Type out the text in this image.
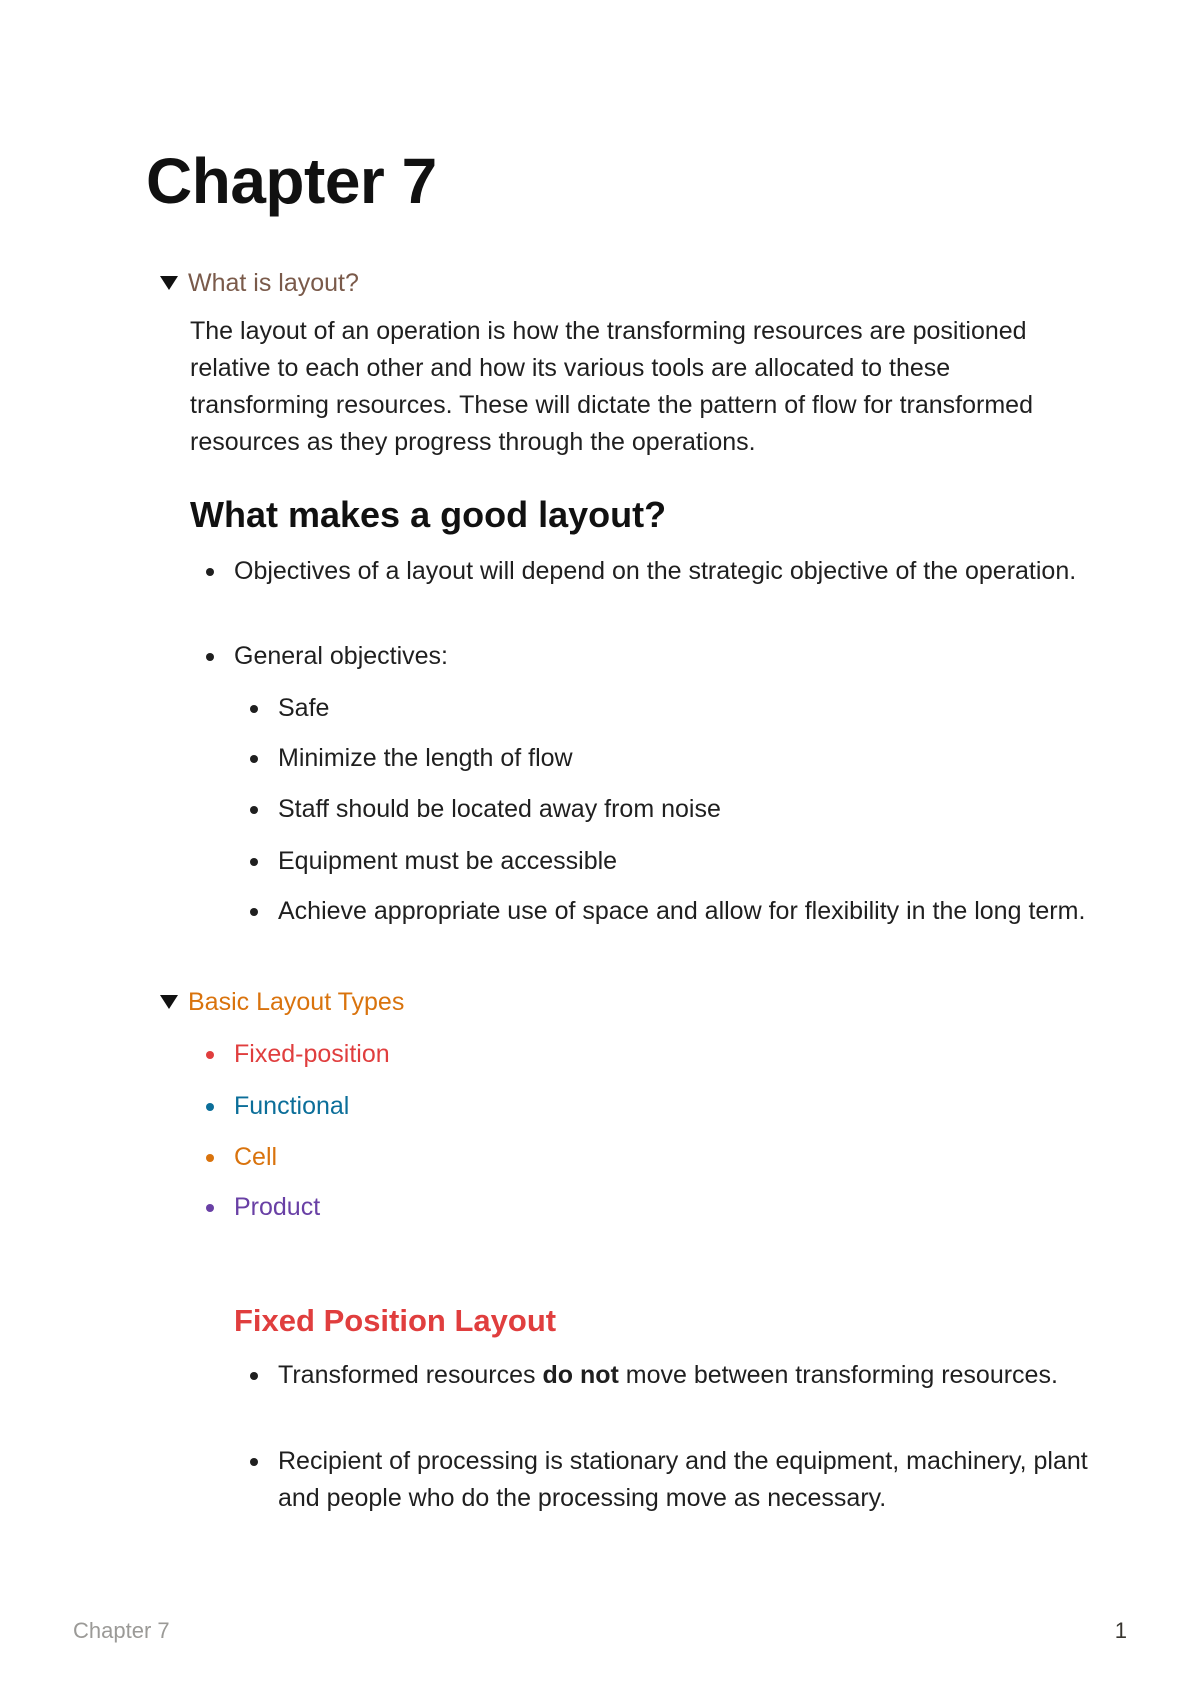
Chapter 7
What is layout?

The layout of an operation is how the transforming resources are positioned relative to each other and how its various tools are allocated to these transforming resources. These will dictate the pattern of flow for transformed resources as they progress through the operations.

What makes a good layout?

Objectives of a layout will depend on the strategic objective of the operation.

General objectives:

Safe

Minimize the length of flow

Staff should be located away from noise

Equipment must be accessible

Achieve appropriate use of space and allow for flexibility in the long term.

Basic Layout Types

Fixed-position

Functional

Cell

Product

Fixed Position Layout

Transformed resources do not move between transforming resources.

Recipient of processing is stationary and the equipment, machinery, plant and people who do the processing move as necessary.

Chapter 7	1
